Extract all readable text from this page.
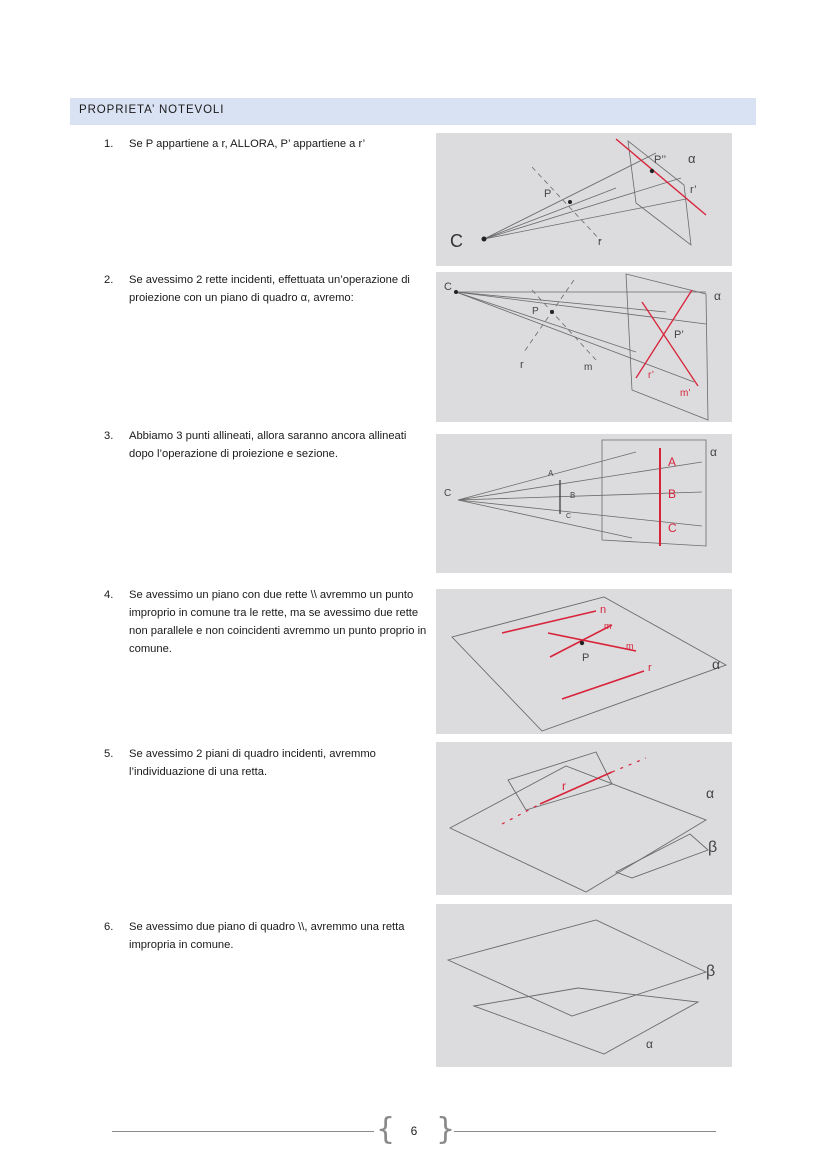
PROPRIETA’ NOTEVOLI
1.	Se P appartiene a r, ALLORA, P’ appartiene a r’
2.	Se avessimo 2 rette incidenti, effettuata un’operazione di proiezione con un piano di quadro α, avremo:
3.	Abbiamo 3 punti allineati, allora saranno ancora allineati dopo l’operazione di proiezione e sezione.
4.	Se avessimo un piano con due rette \\ avremmo un punto improprio in comune tra le rette, ma se avessimo due rette non parallele e non coincidenti avremmo un punto proprio in comune.
5.	Se avessimo 2 piani di quadro incidenti, avremmo l’individuazione di una retta.
6.	Se avessimo due piano di quadro \\, avremmo una retta impropria in comune.
C
P
r
P’’
r’
α
C
P
r	m
P’
r’
m’
α
C
A
B
C
A
B
C
α
n
m
m
P
r	α
r	α
β
β
α
{ }
6
